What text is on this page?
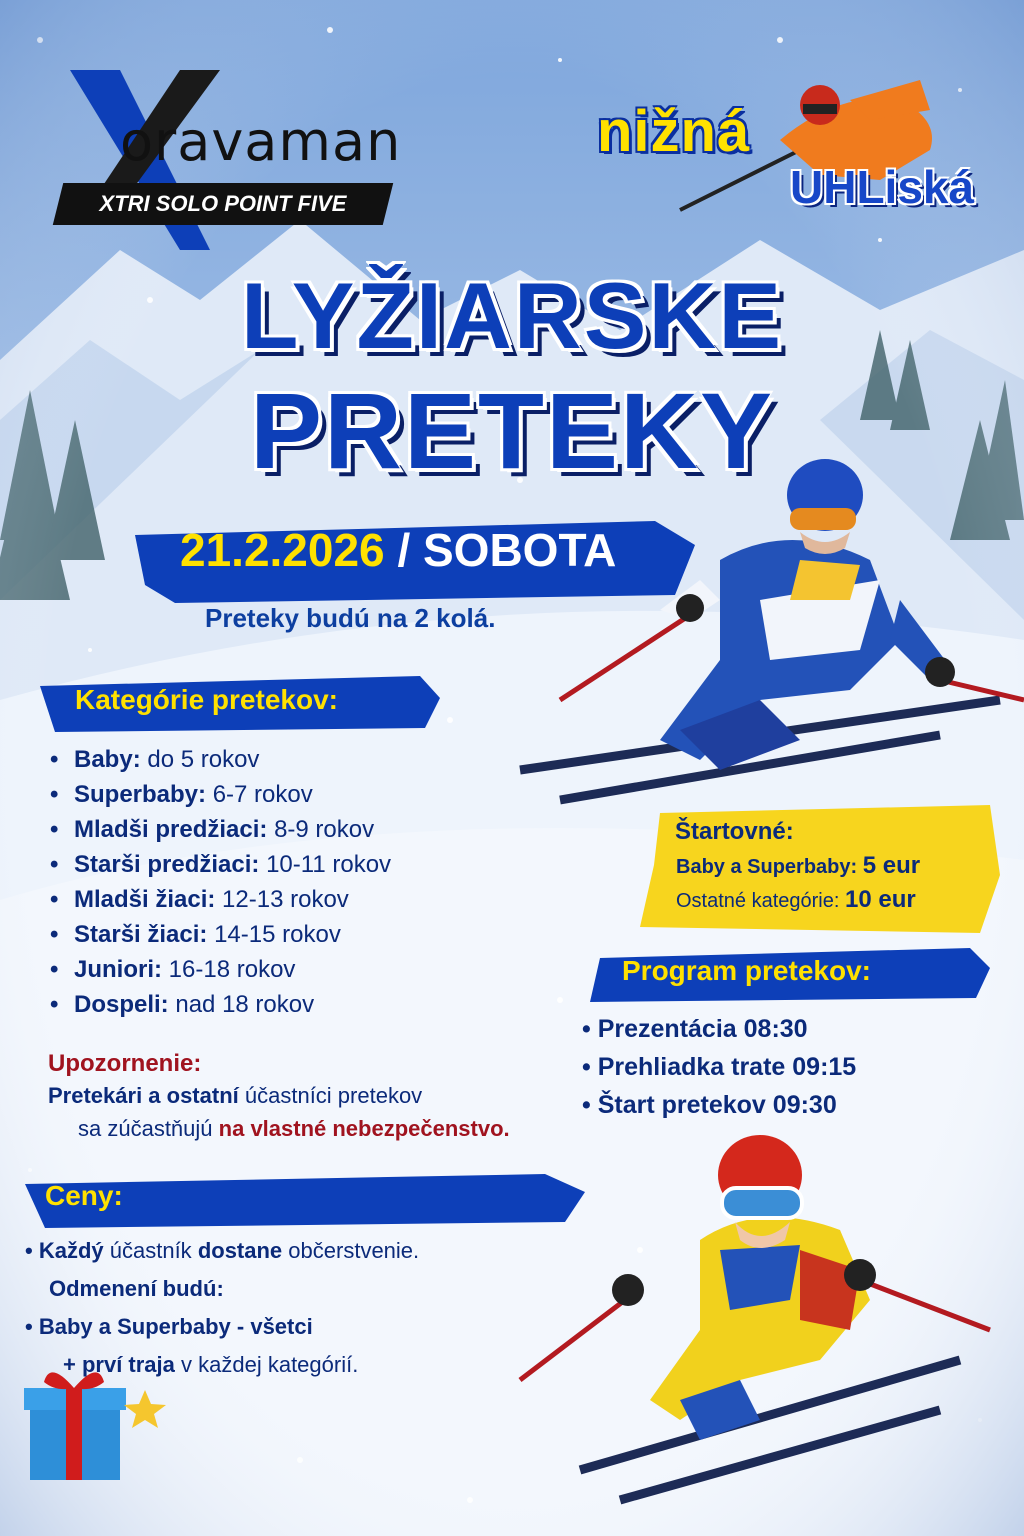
oravaman
XTRI SOLO POINT FIVE
nižná
UHLiská
LYŽIARSKE
PRETEKY
21.2.2026 / SOBOTA
Preteky budú na 2 kolá.
Kategórie pretekov:
• Baby: do 5 rokov
• Superbaby: 6-7 rokov
• Mladši predžiaci: 8-9 rokov
• Starši predžiaci: 10-11 rokov
• Mladši žiaci: 12-13 rokov
• Starši žiaci: 14-15 rokov
• Juniori: 16-18 rokov
• Dospeli: nad 18 rokov
Upozornenie:
Pretekári a ostatní účastníci pretekov
sa zúčastňujú na vlastné nebezpečenstvo.
Ceny:
• Každý účastník dostane občerstvenie.
Odmenení budú:
• Baby a Superbaby - všetci
+ prví traja v každej kategórií.
Štartovné:
Baby a Superbaby: 5 eur
Ostatné kategórie: 10 eur
Program pretekov:
• Prezentácia 08:30
• Prehliadka trate 09:15
• Štart pretekov 09:30
